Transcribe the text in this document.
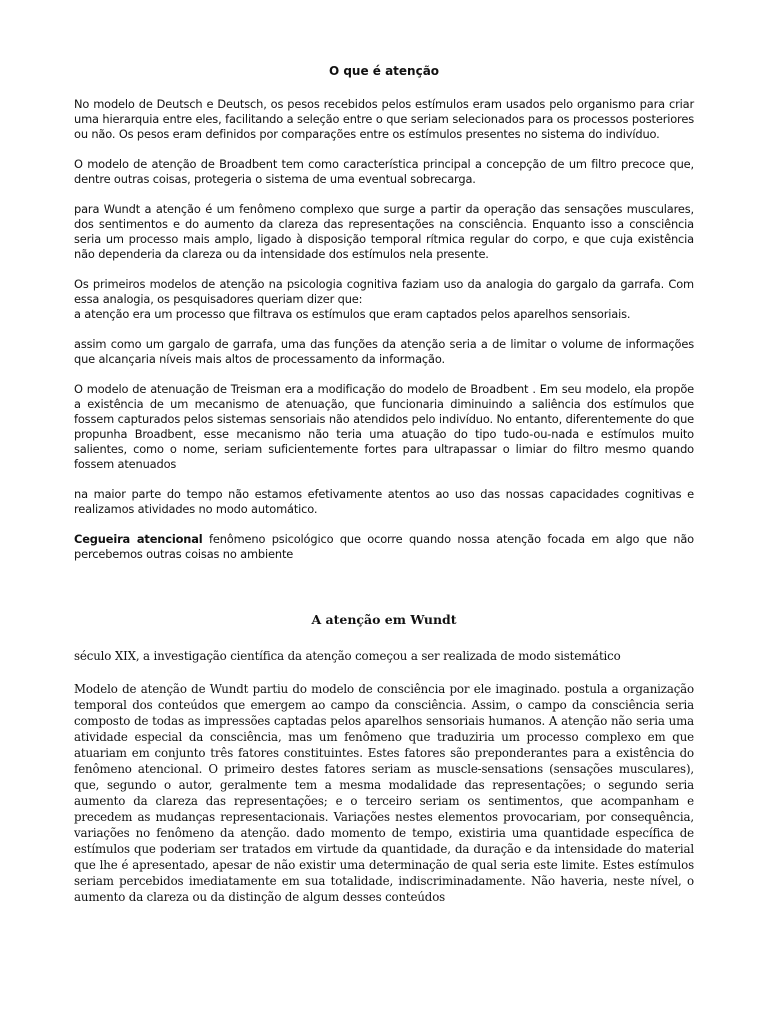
O que é atenção

No modelo de Deutsch e Deutsch, os pesos recebidos pelos estímulos eram usados pelo organismo para criar uma hierarquia entre eles, facilitando a seleção entre o que seriam selecionados para os processos posteriores ou não. Os pesos eram definidos por comparações entre os estímulos presentes no sistema do indivíduo.

O modelo de atenção de Broadbent tem como característica principal a concepção de um filtro precoce que, dentre outras coisas, protegeria o sistema de uma eventual sobrecarga.

para Wundt a atenção é um fenômeno complexo que surge a partir da operação das sensações musculares, dos sentimentos e do aumento da clareza das representações na consciência. Enquanto isso a consciência seria um processo mais amplo, ligado à disposição temporal rítmica regular do corpo, e que cuja existência não dependeria da clareza ou da intensidade dos estímulos nela presente.

Os primeiros modelos de atenção na psicologia cognitiva faziam uso da analogia do gargalo da garrafa. Com essa analogia, os pesquisadores queriam dizer que:

a atenção era um processo que filtrava os estímulos que eram captados pelos aparelhos sensoriais.

assim como um gargalo de garrafa, uma das funções da atenção seria a de limitar o volume de informações que alcançaria níveis mais altos de processamento da informação.

O modelo de atenuação de Treisman era a modificação do modelo de Broadbent . Em seu modelo, ela propõe a existência de um mecanismo de atenuação, que funcionaria diminuindo a saliência dos estímulos que fossem capturados pelos sistemas sensoriais não atendidos pelo indivíduo. No entanto, diferentemente do que propunha Broadbent, esse mecanismo não teria uma atuação do tipo tudo-ou-nada e estímulos muito salientes, como o nome, seriam suficientemente fortes para ultrapassar o limiar do filtro mesmo quando fossem atenuados

na maior parte do tempo não estamos efetivamente atentos ao uso das nossas capacidades cognitivas e realizamos atividades no modo automático.

Cegueira atencional fenômeno psicológico que ocorre quando nossa atenção focada em algo que não percebemos outras coisas no ambiente

A atenção em Wundt

século XIX, a investigação científica da atenção começou a ser realizada de modo sistemático

Modelo de atenção de Wundt partiu do modelo de consciência por ele imaginado. postula a organização temporal dos conteúdos que emergem ao campo da consciência. Assim, o campo da consciência seria composto de todas as impressões captadas pelos aparelhos sensoriais humanos. A atenção não seria uma atividade especial da consciência, mas um fenômeno que traduziria um processo complexo em que atuariam em conjunto três fatores constituintes. Estes fatores são preponderantes para a existência do fenômeno atencional. O primeiro destes fatores seriam as muscle-sensations (sensações musculares), que, segundo o autor, geralmente tem a mesma modalidade das representações; o segundo seria aumento da clareza das representações; e o terceiro seriam os sentimentos, que acompanham e precedem as mudanças representacionais. Variações nestes elementos provocariam, por consequência, variações no fenômeno da atenção. dado momento de tempo, existiria uma quantidade específica de estímulos que poderiam ser tratados em virtude da quantidade, da duração e da intensidade do material que lhe é apresentado, apesar de não existir uma determinação de qual seria este limite. Estes estímulos seriam percebidos imediatamente em sua totalidade, indiscriminadamente. Não haveria, neste nível, o aumento da clareza ou da distinção de algum desses conteúdos
